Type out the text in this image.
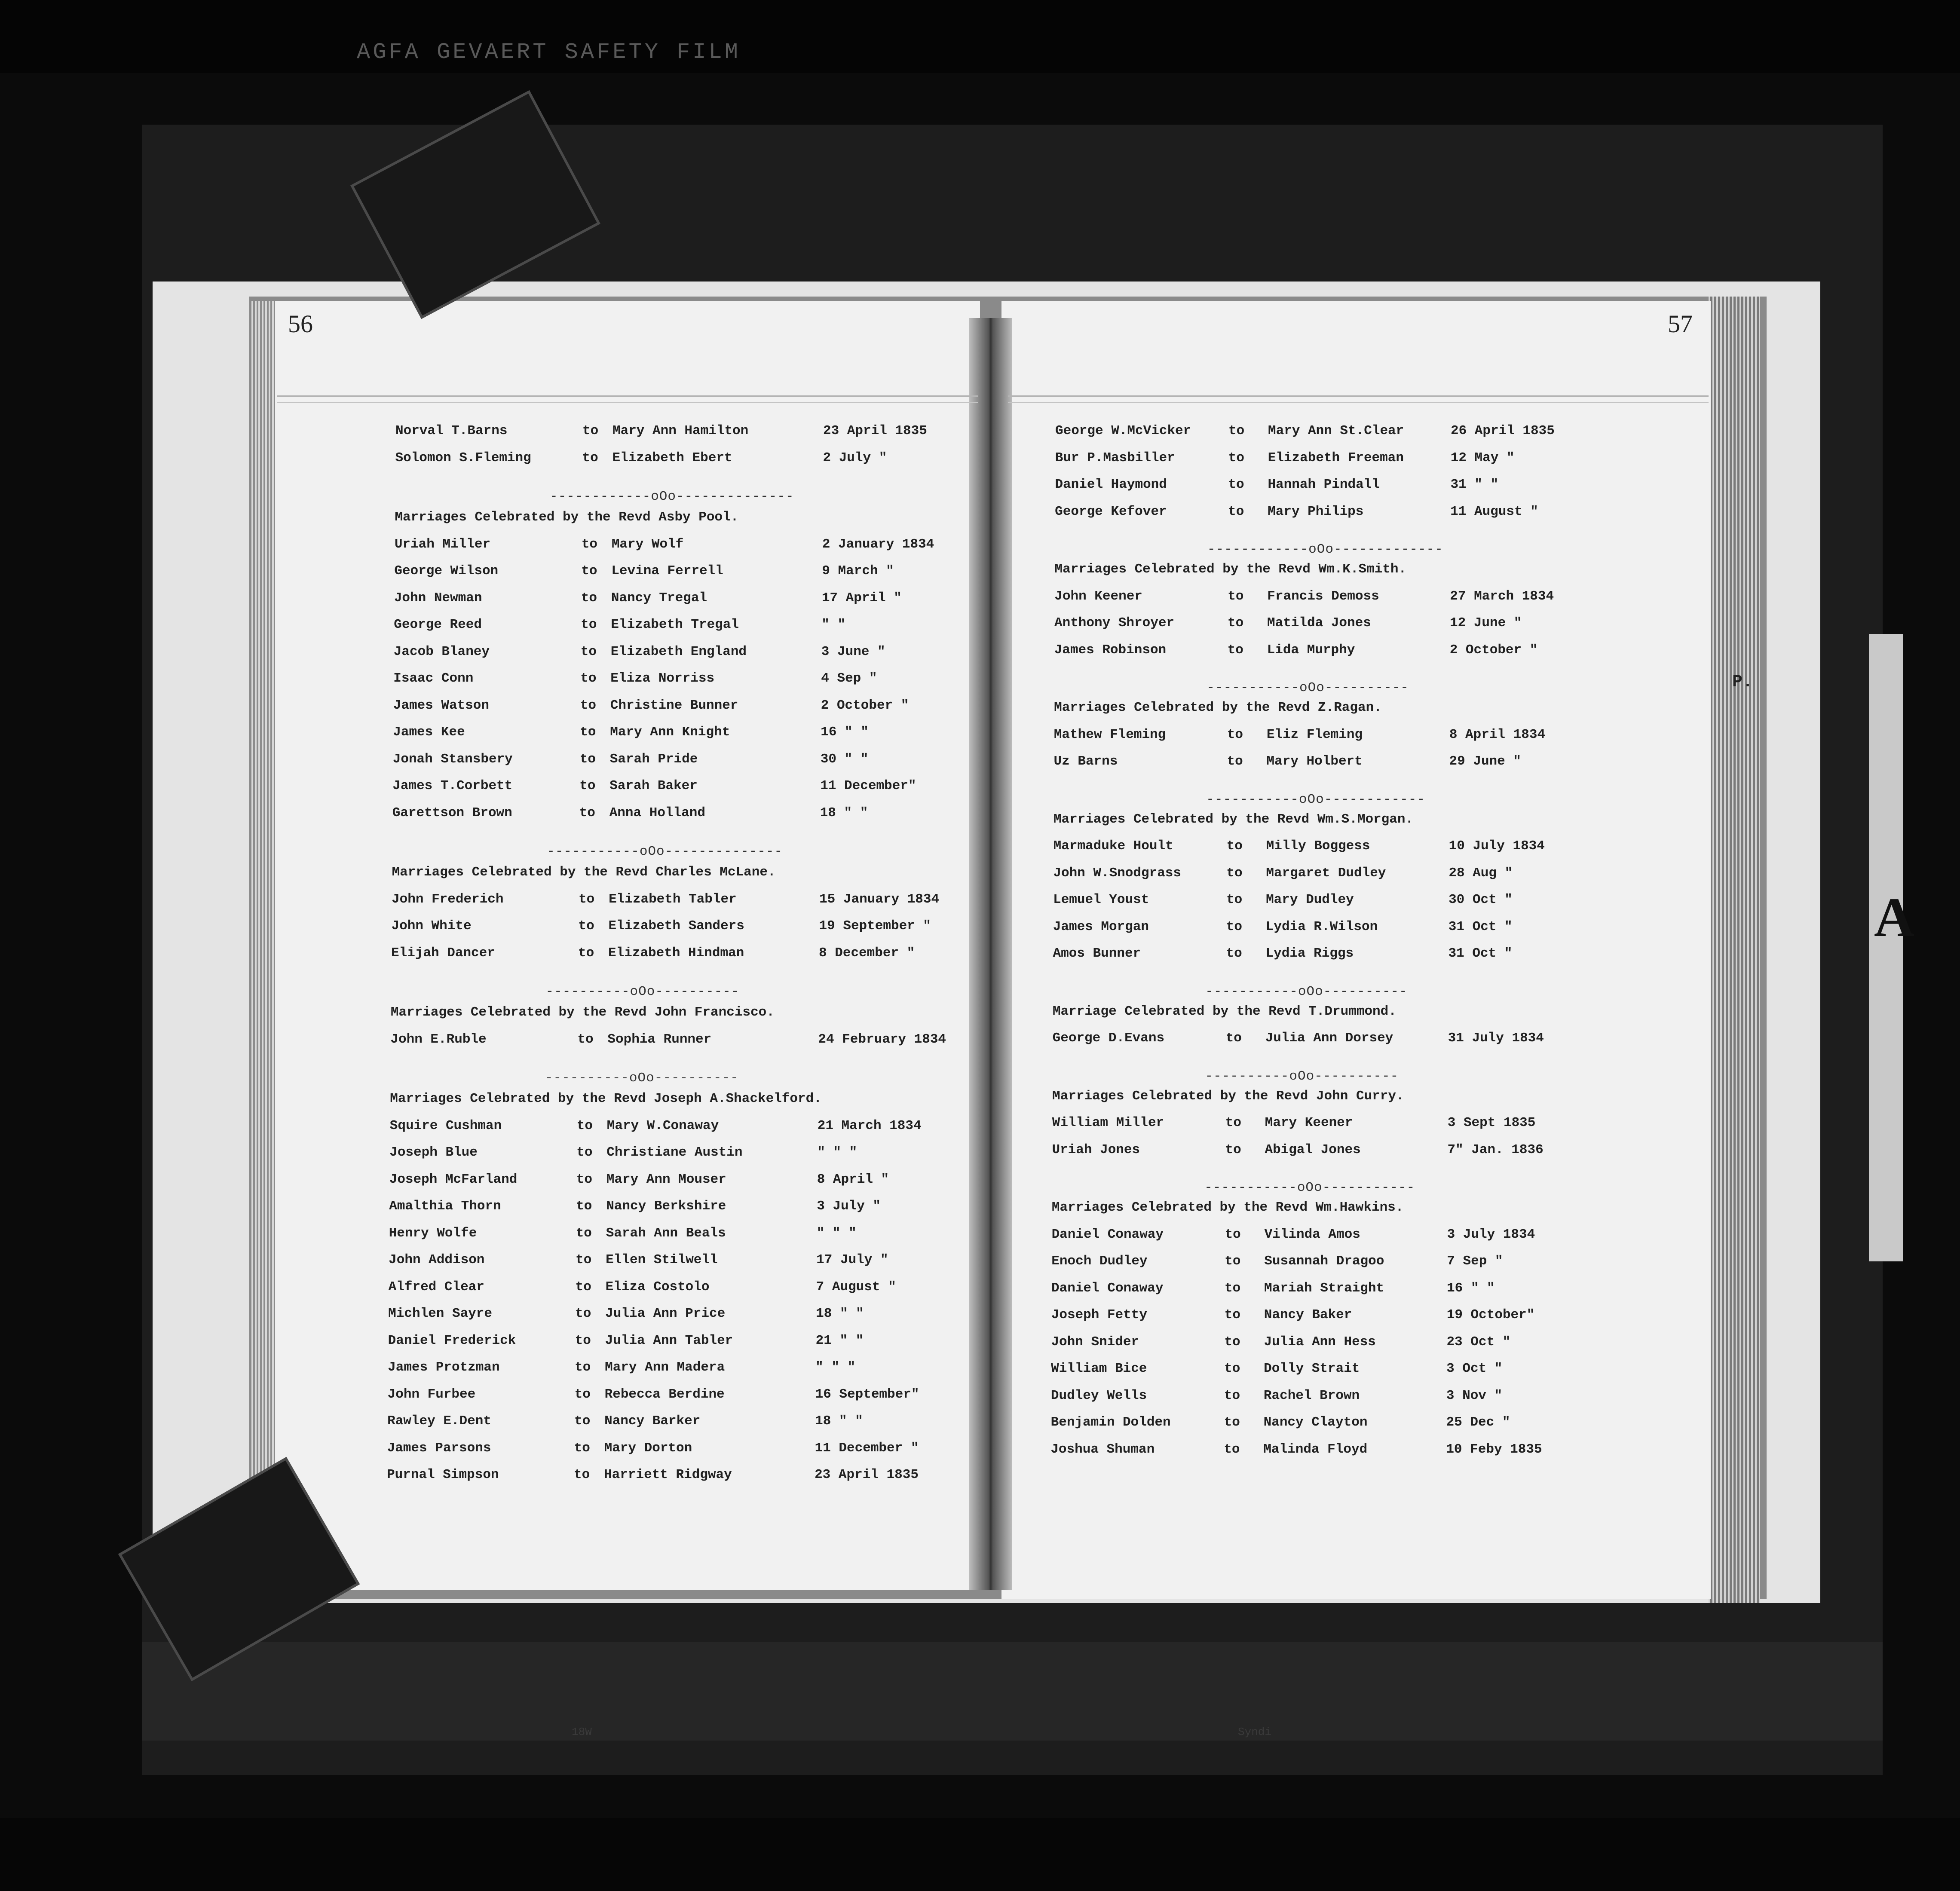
AGFA GEVAERT SAFETY FILM
A
56	57
P.
Norval T.Barns	to Mary Ann Hamilton	23 April 1835
Solomon S.Fleming	to Elizabeth Ebert	2 July "
------------oOo--------------
Marriages Celebrated by the Revd Asby Pool.
Uriah Miller	to Mary Wolf	2 January 1834
George Wilson	to Levina Ferrell	9 March "
John Newman	to Nancy Tregal	17 April "
George Reed	to Elizabeth Tregal	" "
Jacob Blaney	to Elizabeth England	3 June "
Isaac Conn	to Eliza Norriss	4 Sep "
James Watson	to Christine Bunner	2 October "
James Kee	to Mary Ann Knight	16 " "
Jonah Stansbery	to Sarah Pride	30 " "
James T.Corbett	to Sarah Baker	11 December"
Garettson Brown	to Anna Holland	18 " "
-----------oOo--------------
Marriages Celebrated by the Revd Charles McLane.
John Frederich	to Elizabeth Tabler	15 January 1834
John White	to Elizabeth Sanders	19 September "
Elijah Dancer	to Elizabeth Hindman	8 December "
----------oOo----------
Marriages Celebrated by the Revd John Francisco.
John E.Ruble	to Sophia Runner	24 February 1834
----------oOo----------
Marriages Celebrated by the Revd Joseph A.Shackelford.
Squire Cushman	to Mary W.Conaway	21 March 1834
Joseph Blue	to Christiane Austin	" " "
Joseph McFarland	to Mary Ann Mouser	8 April "
Amalthia Thorn	to Nancy Berkshire	3 July "
Henry Wolfe	to Sarah Ann Beals	" " "
John Addison	to Ellen Stilwell	17 July "
Alfred Clear	to Eliza Costolo	7 August "
Michlen Sayre	to Julia Ann Price	18 " "
Daniel Frederick	to Julia Ann Tabler	21 " "
James Protzman	to Mary Ann Madera	" " "
John Furbee	to Rebecca Berdine	16 September"
Rawley E.Dent	to Nancy Barker	18 " "
James Parsons	to Mary Dorton	11 December "
Purnal Simpson	to Harriett Ridgway	23 April 1835
George W.McVicker	to Mary Ann St.Clear	26 April 1835
Bur P.Masbiller	to Elizabeth Freeman	12 May "
Daniel Haymond	to Hannah Pindall	31 " "
George Kefover	to Mary Philips	11 August "
------------oOo-------------
Marriages Celebrated by the Revd Wm.K.Smith.
John Keener	to Francis Demoss	27 March 1834
Anthony Shroyer	to Matilda Jones	12 June "
James Robinson	to Lida Murphy	2 October "
-----------oOo----------
Marriages Celebrated by the Revd Z.Ragan.
Mathew Fleming	to Eliz Fleming	8 April 1834
Uz Barns	to Mary Holbert	29 June "
-----------oOo------------
Marriages Celebrated by the Revd Wm.S.Morgan.
Marmaduke Hoult	to Milly Boggess	10 July 1834
John W.Snodgrass	to Margaret Dudley	28 Aug "
Lemuel Youst	to Mary Dudley	30 Oct "
James Morgan	to Lydia R.Wilson	31 Oct "
Amos Bunner	to Lydia Riggs	31 Oct "
-----------oOo----------
Marriage Celebrated by the Revd T.Drummond.
George D.Evans	to Julia Ann Dorsey	31 July 1834
----------oOo----------
Marriages Celebrated by the Revd John Curry.
William Miller	to Mary Keener	3 Sept 1835
Uriah Jones	to Abigal Jones	7" Jan. 1836
-----------oOo-----------
Marriages Celebrated by the Revd Wm.Hawkins.
Daniel Conaway	to Vilinda Amos	3 July 1834
Enoch Dudley	to Susannah Dragoo	7 Sep "
Daniel Conaway	to Mariah Straight	16 " "
Joseph Fetty	to Nancy Baker	19 October"
John Snider	to Julia Ann Hess	23 Oct "
William Bice	to Dolly Strait	3 Oct "
Dudley Wells	to Rachel Brown	3 Nov "
Benjamin Dolden	to Nancy Clayton	25 Dec "
Joshua Shuman	to Malinda Floyd	10 Feby 1835
18W	Syndi
